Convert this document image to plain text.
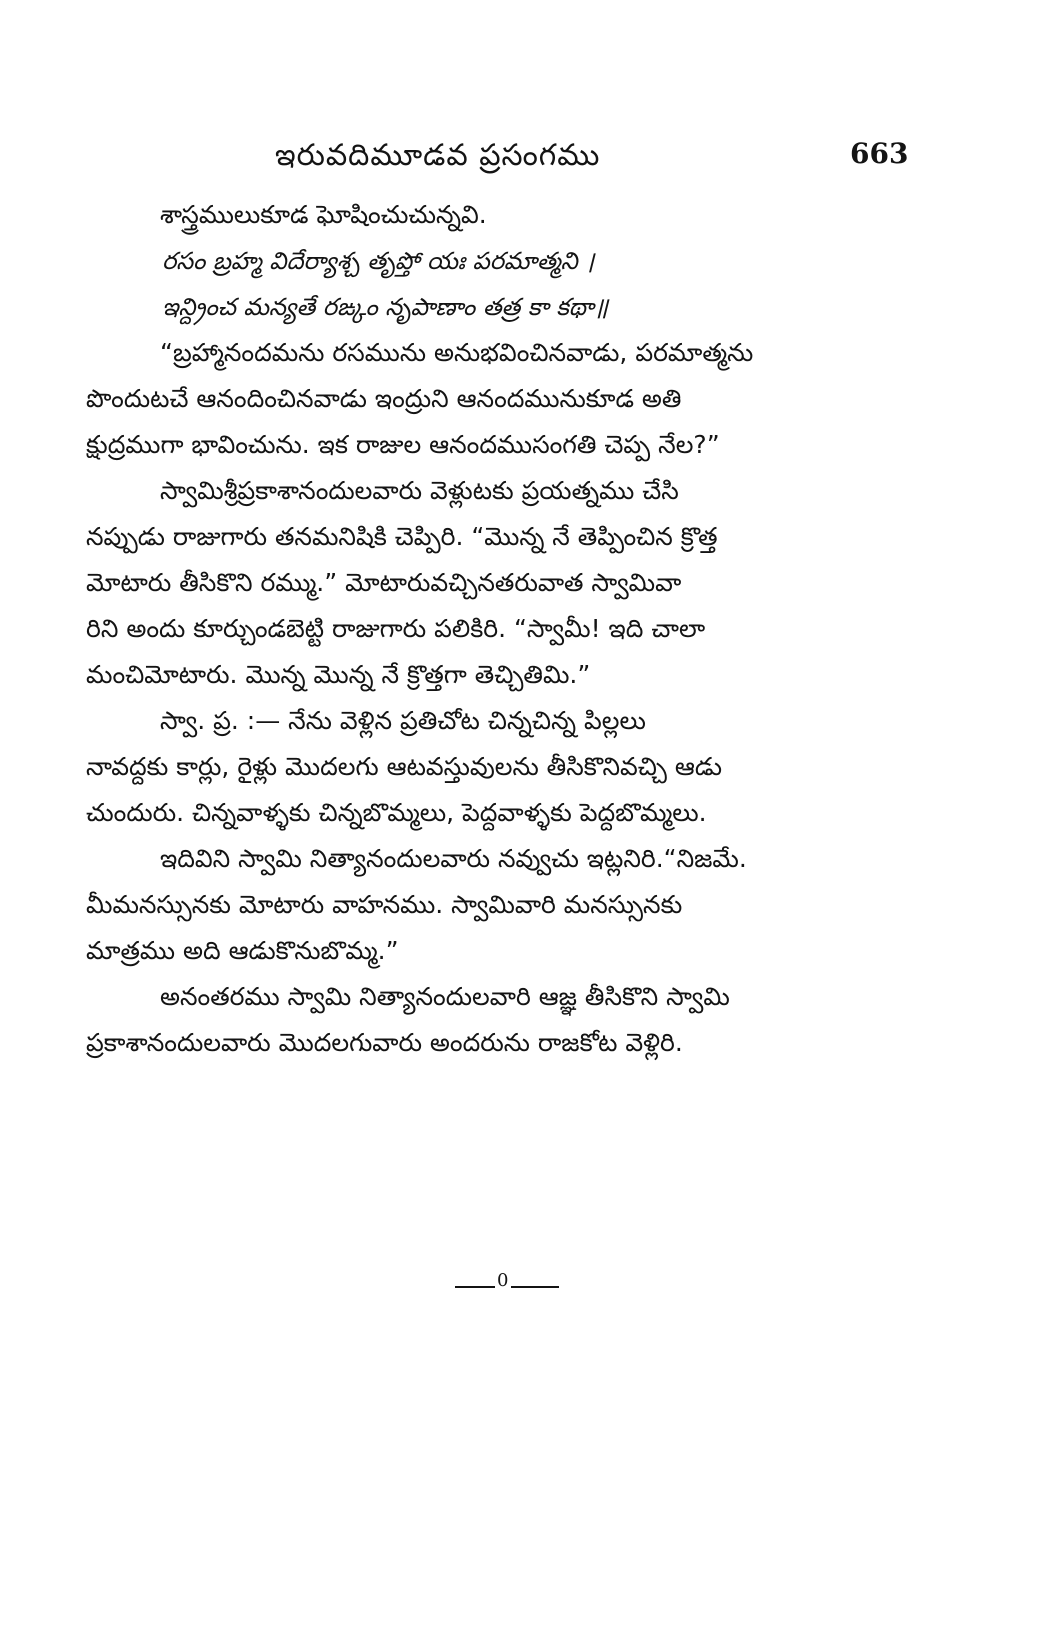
ఇరువదిమూడవ ప్రసంగము	663
శాస్త్రములుకూడ ఘోషించుచున్నవి.
రసం బ్రహ్మ విదేర్యాశ్చ తృప్తో యః పరమాత్మని ।
ఇన్ద్రించ మన్యతే రఙ్కం నృపాణాం తత్ర కా కథా॥
“బ్రహ్మానందమను రసమును అనుభవించినవాడు, పరమాత్మను
పొందుటచే ఆనందించినవాడు ఇంద్రుని ఆనందమునుకూడ అతి
క్షుద్రముగా భావించును. ఇక రాజుల ఆనందముసంగతి చెప్ప నేల?”
స్వామిశ్రీప్రకాశానందులవారు వెళ్లుటకు ప్రయత్నము చేసి
నప్పుడు రాజుగారు తనమనిషికి చెప్పిరి. “మొన్న నే తెప్పించిన క్రొత్త
మోటారు తీసికొని రమ్ము.” మోటారువచ్చినతరువాత స్వామివా
రిని అందు కూర్చుండబెట్టి రాజుగారు పలికిరి. “స్వామీ! ఇది చాలా
మంచిమోటారు. మొన్న మొన్న నే క్రొత్తగా తెచ్చితిమి.”
స్వా. ప్ర. :— నేను వెళ్లిన ప్రతిచోట చిన్నచిన్న పిల్లలు
నావద్దకు కార్లు, రైళ్లు మొదలగు ఆటవస్తువులను తీసికొనివచ్చి ఆడు
చుందురు. చిన్నవాళ్ళకు చిన్నబొమ్మలు, పెద్దవాళ్ళకు పెద్దబొమ్మలు.
ఇదివిని స్వామి నిత్యానందులవారు నవ్వుచు ఇట్లనిరి.“నిజమే.
మీమనస్సునకు మోటారు వాహనము. స్వామివారి మనస్సునకు
మాత్రము అది ఆడుకొనుబొమ్మ.”
అనంతరము స్వామి నిత్యానందులవారి ఆజ్ఞ తీసికొని స్వామి
ప్రకాశానందులవారు మొదలగువారు అందరును రాజకోట వెళ్లిరి.
0
